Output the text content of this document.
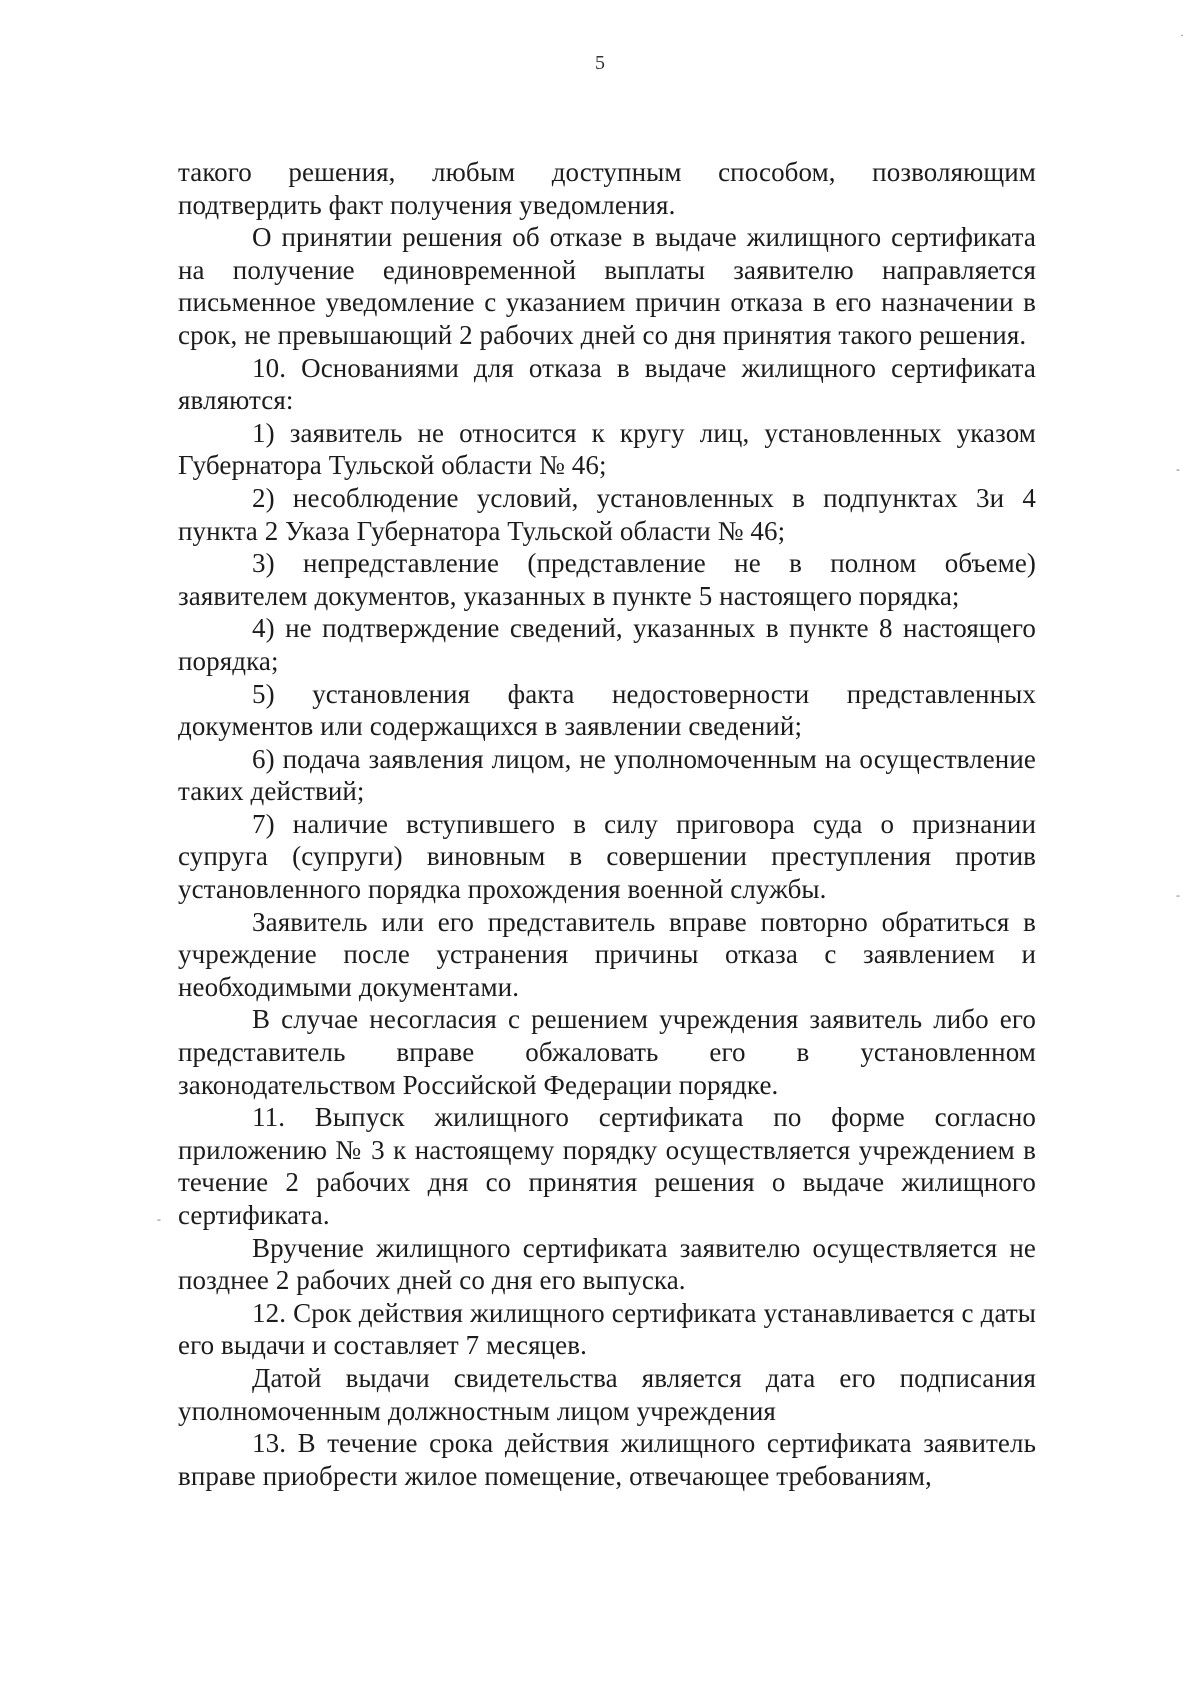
5

такого решения, любым доступным способом, позволяющим подтвердить факт получения уведомления.

О принятии решения об отказе в выдаче жилищного сертификата на получение единовременной выплаты заявителю направляется письменное уведомление с указанием причин отказа в его назначении в срок, не превышающий 2 рабочих дней со дня принятия такого решения.

10. Основаниями для отказа в выдаче жилищного сертификата являются:

1) заявитель не относится к кругу лиц, установленных указом Губернатора Тульской области № 46;

2) несоблюдение условий, установленных в подпунктах 3и 4 пункта 2 Указа Губернатора Тульской области № 46;

3) непредставление (представление не в полном объеме) заявителем документов, указанных в пункте 5 настоящего порядка;

4) не подтверждение сведений, указанных в пункте 8 настоящего порядка;

5) установления факта недостоверности представленных документов или содержащихся в заявлении сведений;

6) подача заявления лицом, не уполномоченным на осуществление таких действий;

7) наличие вступившего в силу приговора суда о признании супруга (супруги) виновным в совершении преступления против установленного порядка прохождения военной службы.

Заявитель или его представитель вправе повторно обратиться в учреждение после устранения причины отказа с заявлением и необходимыми документами.

В случае несогласия с решением учреждения заявитель либо его представитель вправе обжаловать его в установленном законодательством Российской Федерации порядке.

11. Выпуск жилищного сертификата по форме согласно приложению № 3 к настоящему порядку осуществляется учреждением в течение 2 рабочих дня со принятия решения о выдаче жилищного сертификата.

Вручение жилищного сертификата заявителю осуществляется не позднее 2 рабочих дней со дня его выпуска.

12. Срок действия жилищного сертификата устанавливается с даты его выдачи и составляет 7 месяцев.

Датой выдачи свидетельства является дата его подписания уполномоченным должностным лицом учреждения

13. В течение срока действия жилищного сертификата заявитель вправе приобрести жилое помещение, отвечающее требованиям,

·
-
-
-
